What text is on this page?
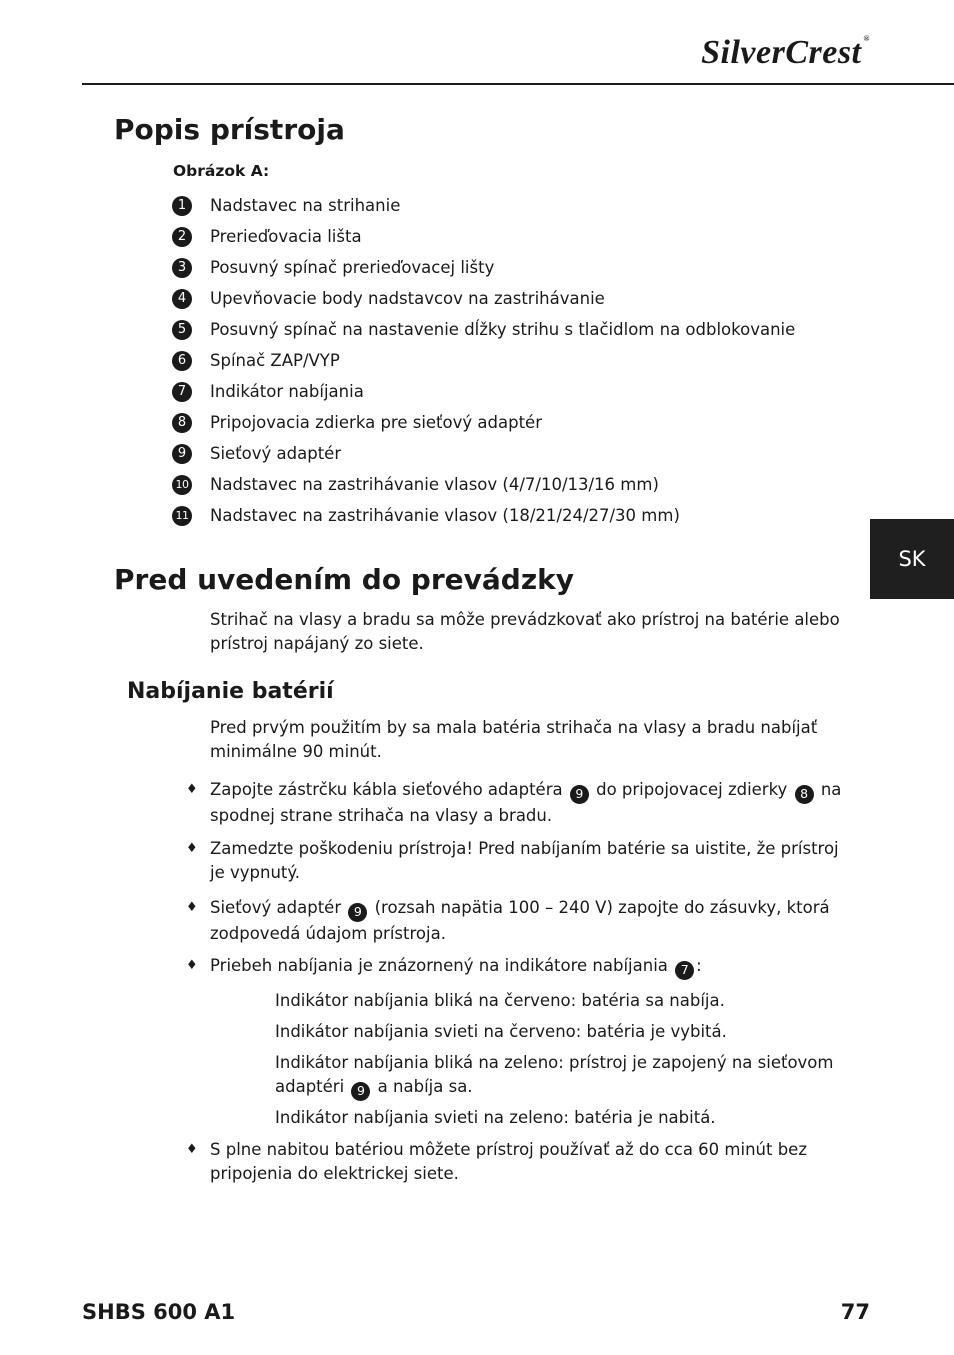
SilverCrest ®
SK
Popis prístroja
Obrázok A:
1	Nadstavec na strihanie
2	Prerieďovacia lišta
3	Posuvný spínač prerieďovacej lišty
4	Upevňovacie body nadstavcov na zastrihávanie
5	Posuvný spínač na nastavenie dĺžky strihu s tlačidlom na odblokovanie
6	Spínač ZAP/VYP
7	Indikátor nabíjania
8	Pripojovacia zdierka pre sieťový adaptér
9	Sieťový adaptér
10 Nadstavec na zastrihávanie vlasov (4/7/10/13/16 mm)
11 Nadstavec na zastrihávanie vlasov (18/21/24/27/30 mm)
Pred uvedením do prevádzky

Strihač na vlasy a bradu sa môže prevádzkovať ako prístroj na batérie alebo prístroj napájaný zo siete.

Nabíjanie batérií

Pred prvým použitím by sa mala batéria strihača na vlasy a bradu nabíjať minimálne 90 minút.

♦ Zapojte zástrčku kábla sieťového adaptéra 9 do pripojovacej zdierky 8 na spodnej strane strihača na vlasy a bradu.
♦ Zamedzte poškodeniu prístroja! Pred nabíjaním batérie sa uistite, že prístroj je vypnutý.
♦ Sieťový adaptér 9 (rozsah napätia 100 – 240 V) zapojte do zásuvky, ktorá zodpovedá údajom prístroja.
♦ Priebeh nabíjania je znázornený na indikátore nabíjania 7 :

Indikátor nabíjania bliká na červeno: batéria sa nabíja.

Indikátor nabíjania svieti na červeno: batéria je vybitá.

Indikátor nabíjania bliká na zeleno: prístroj je zapojený na sieťovom adaptéri 9 a nabíja sa.

Indikátor nabíjania svieti na zeleno: batéria je nabitá.

♦ S plne nabitou batériou môžete prístroj používať až do cca 60 minút bez pripojenia do elektrickej siete.
SHBS 600 A1	77
